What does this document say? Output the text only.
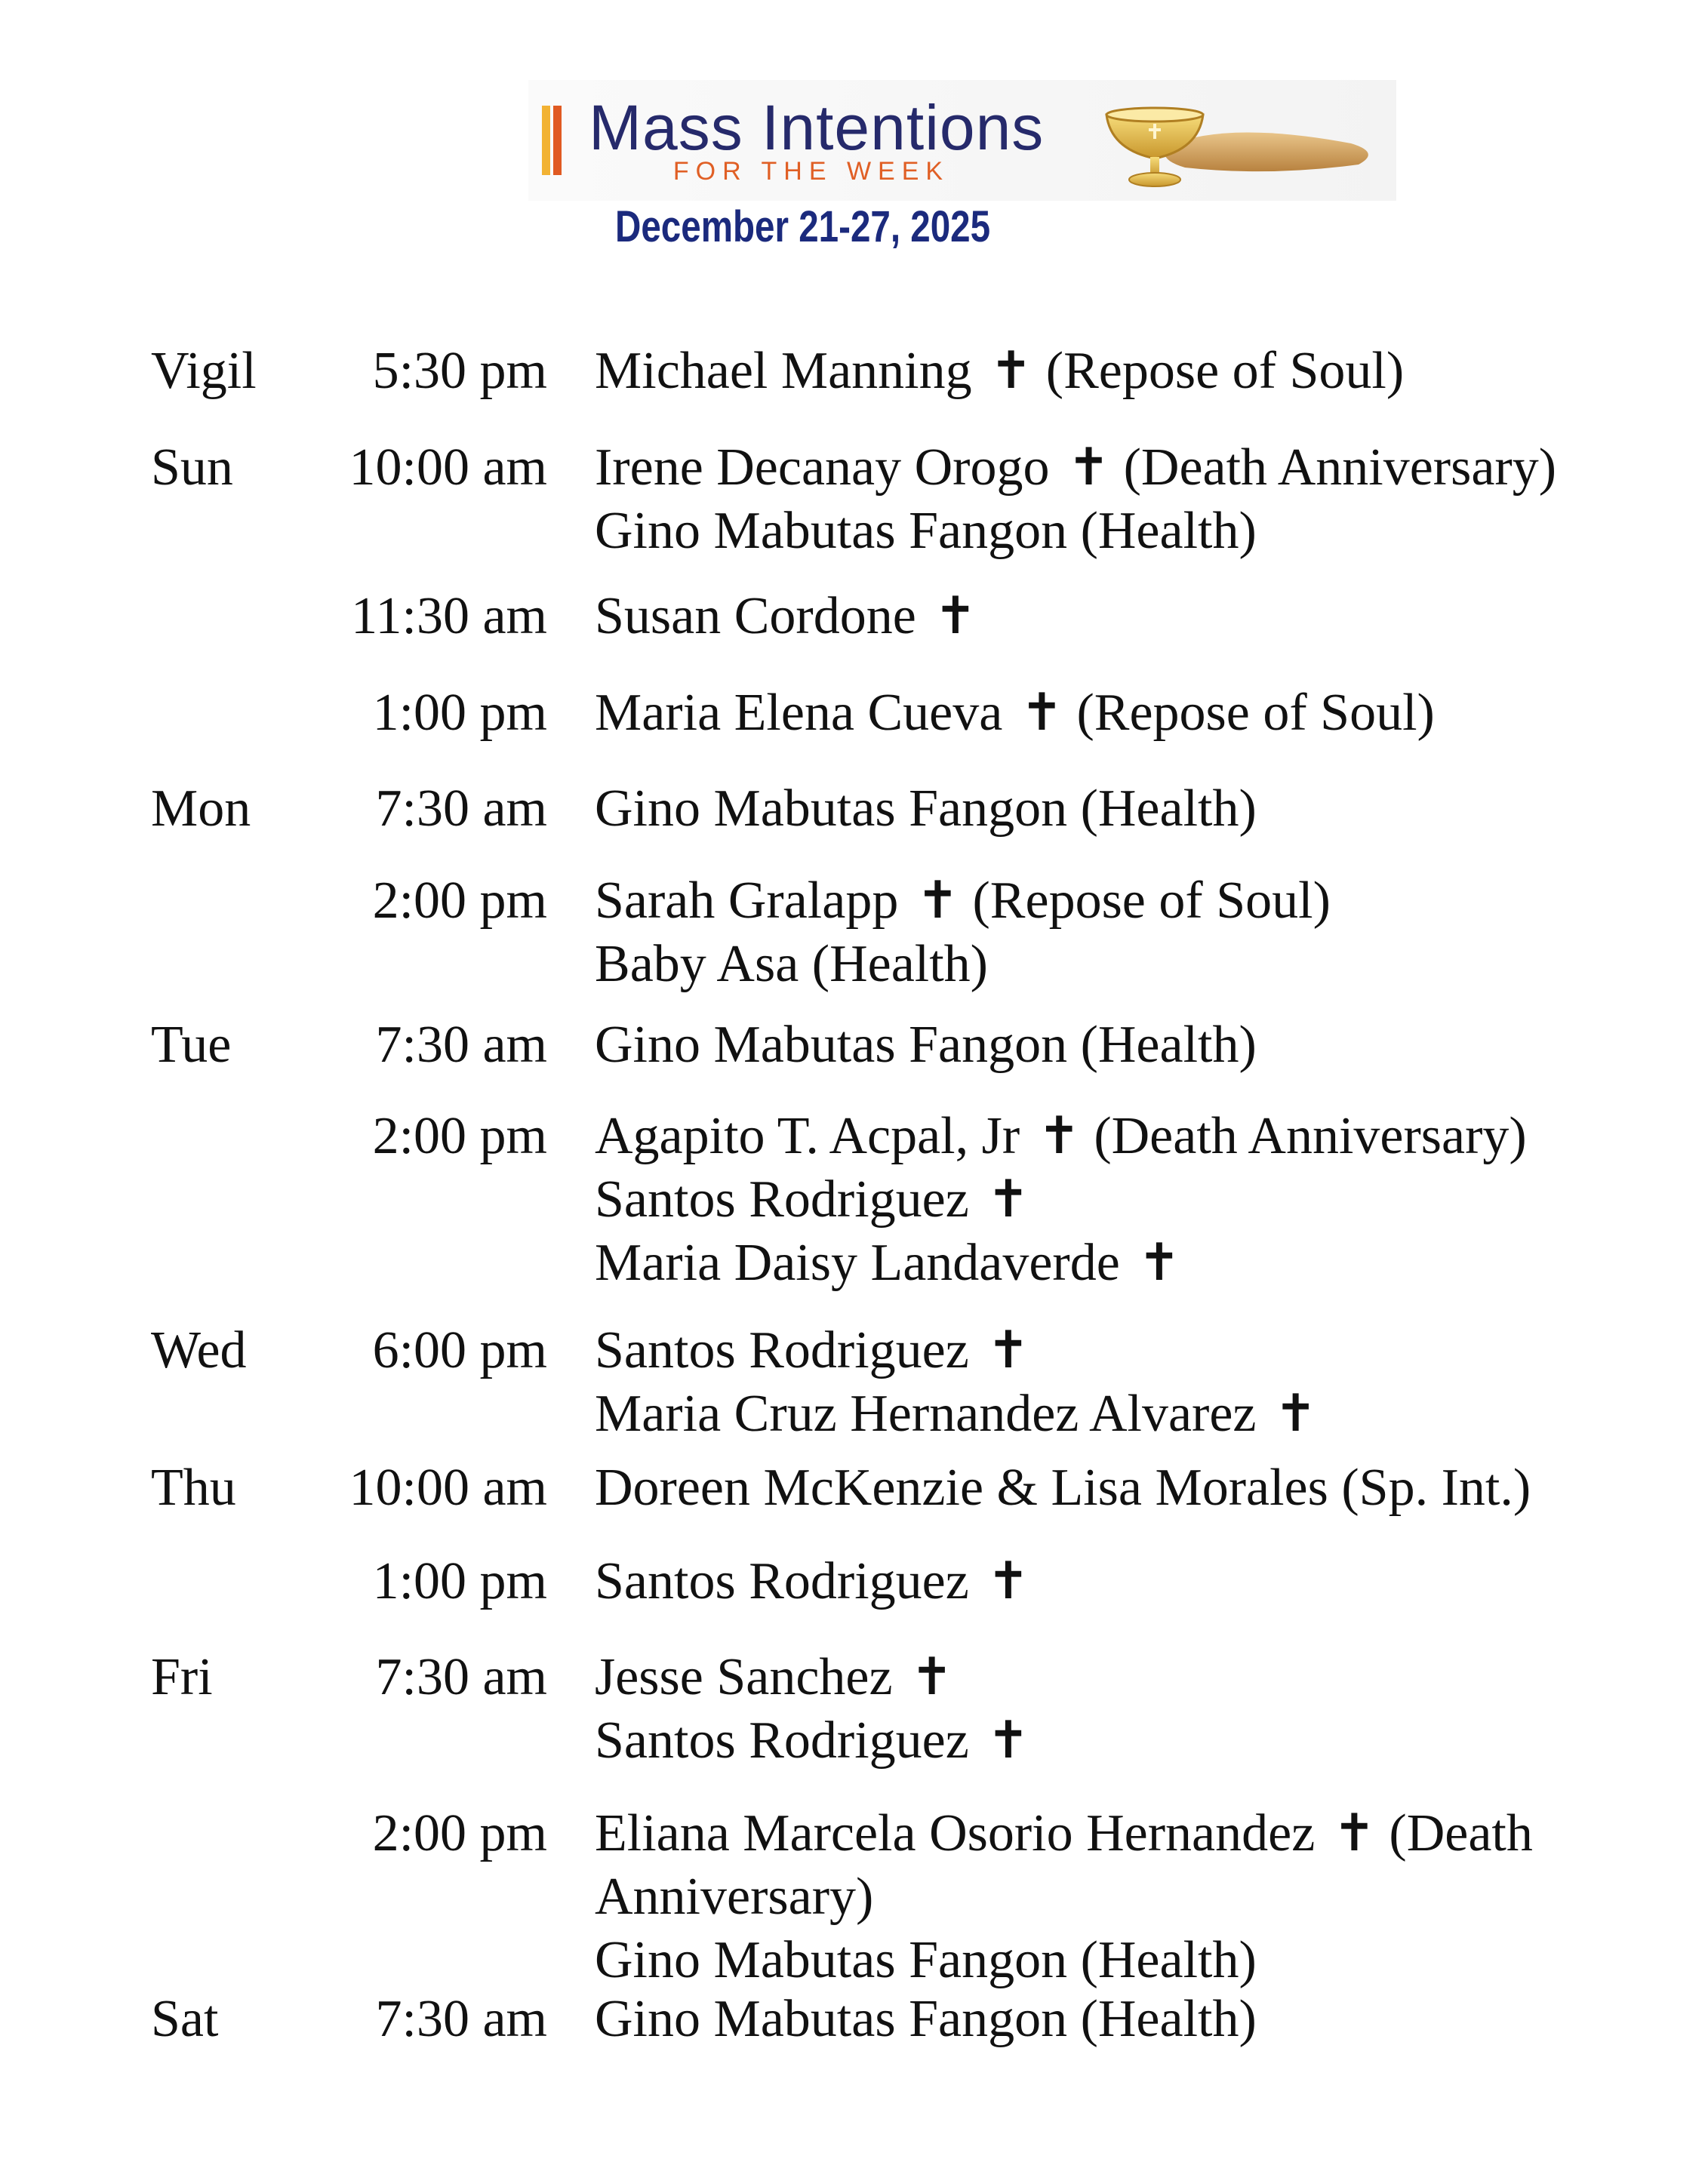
Mass Intentions
FOR THE WEEK
December 21-27, 2025
Vigil	5:30 pm Michael Manning ✝ (Repose of Soul)
Sun	10:00 am Irene Decanay Orogo ✝ (Death Anniversary)
Gino Mabutas Fangon (Health)
11:30 am Susan Cordone ✝
1:00 pm Maria Elena Cueva ✝ (Repose of Soul)
Mon	7:30 am Gino Mabutas Fangon (Health)
2:00 pm Sarah Gralapp ✝ (Repose of Soul)
Baby Asa (Health)
Tue	7:30 am Gino Mabutas Fangon (Health)
2:00 pm Agapito T. Acpal, Jr ✝ (Death Anniversary)
Santos Rodriguez ✝
Maria Daisy Landaverde ✝
Wed	6:00 pm Santos Rodriguez ✝
Maria Cruz Hernandez Alvarez ✝
Thu	10:00 am Doreen McKenzie & Lisa Morales (Sp. Int.)
1:00 pm Santos Rodriguez ✝
Fri	7:30 am Jesse Sanchez ✝
Santos Rodriguez ✝
2:00 pm Eliana Marcela Osorio Hernandez ✝ (Death
Anniversary)
Gino Mabutas Fangon (Health)
Sat	7:30 am Gino Mabutas Fangon (Health)
